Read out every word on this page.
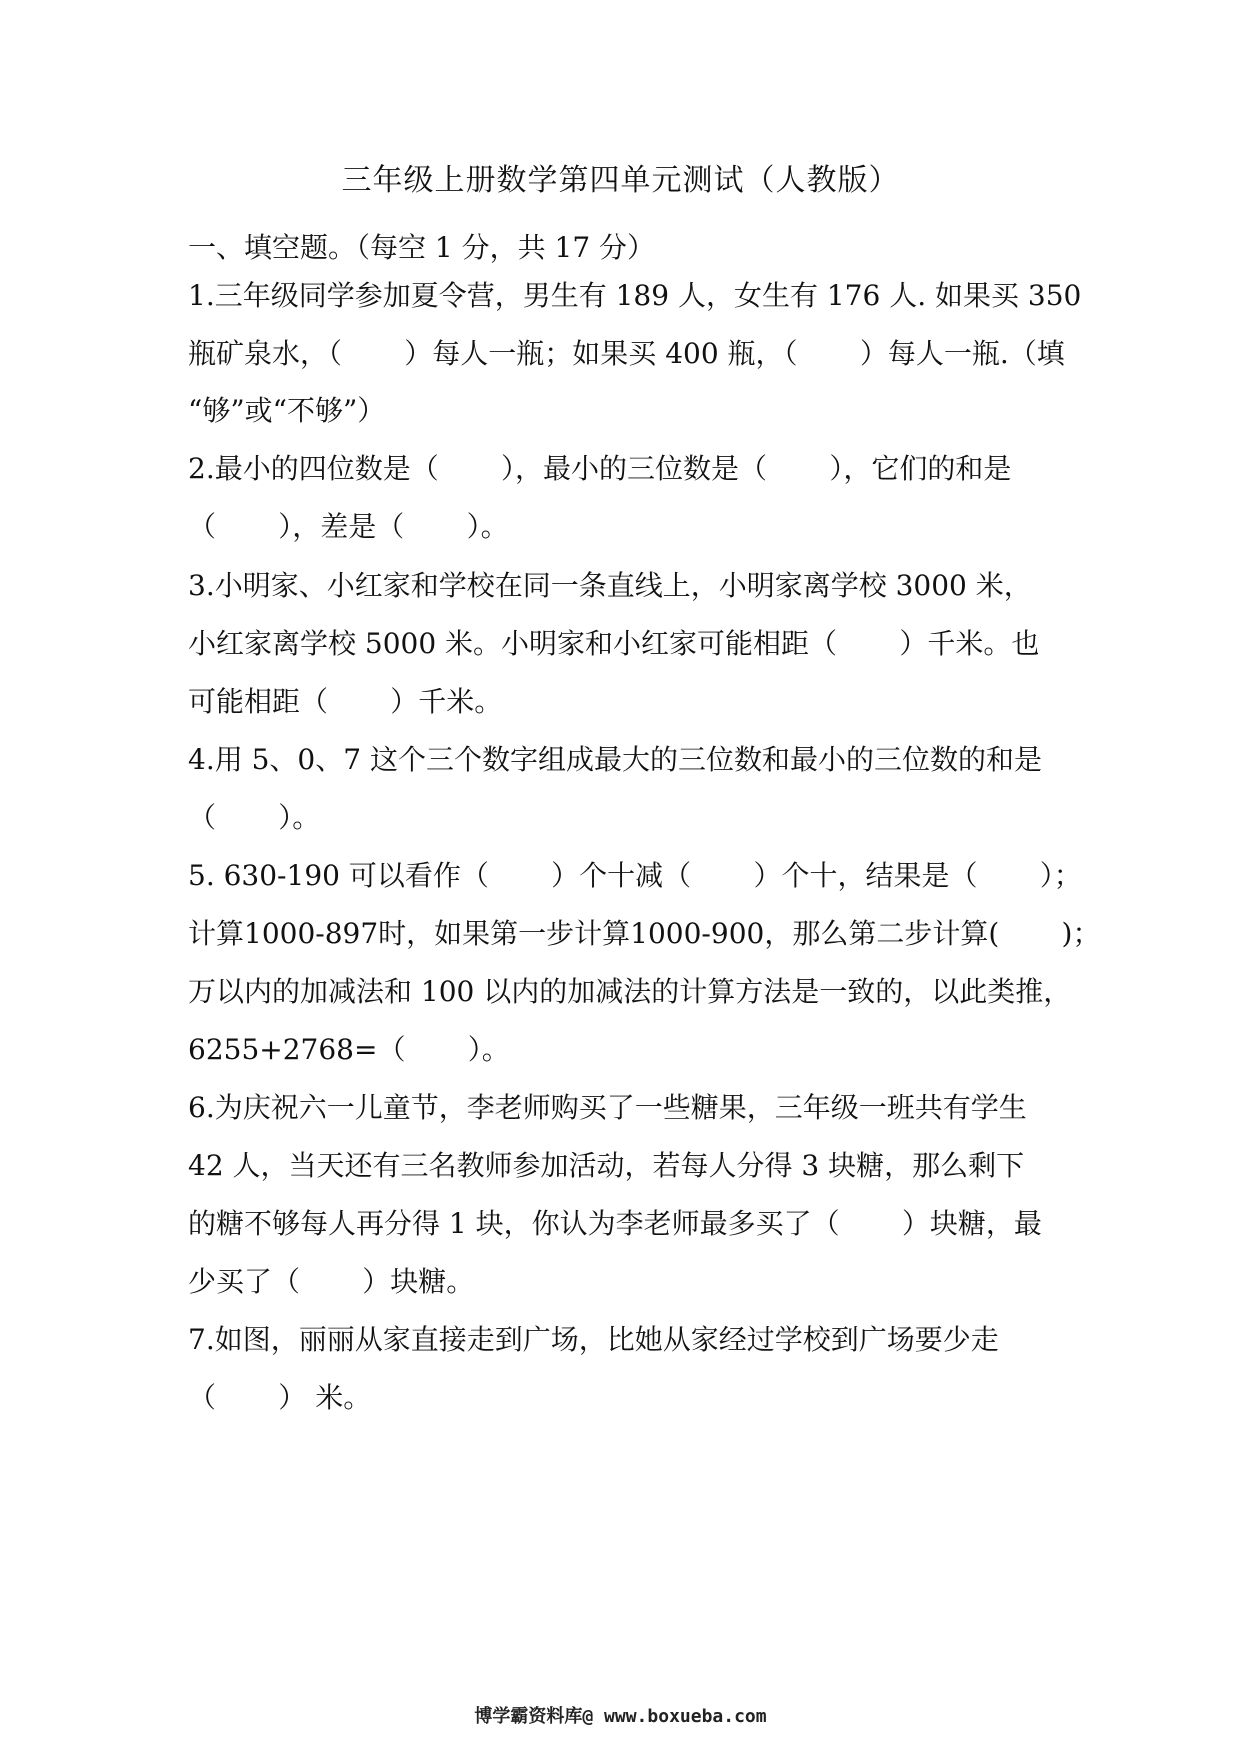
三年级上册数学第四单元测试（人教版）
一、填空题。（每空 1 分，共 17 分）
1.三年级同学参加夏令营，男生有 189 人，女生有 176 人. 如果买 350
瓶矿泉水，（       ）每人一瓶；如果买 400 瓶，（       ）每人一瓶.（填
“够”或“不够”）
2.最小的四位数是（       ），最小的三位数是（       ），它们的和是
（       ），差是（       ）。
3.小明家、小红家和学校在同一条直线上，小明家离学校 3000 米，
小红家离学校 5000 米。小明家和小红家可能相距（       ）千米。也
可能相距（       ）千米。
4.用 5、0、7 这个三个数字组成最大的三位数和最小的三位数的和是
（       ）。
5. 630-190 可以看作（       ）个十减（       ）个十，结果是（       ）；
计算1000-897时，如果第一步计算1000-900，那么第二步计算(       )；
万以内的加减法和 100 以内的加减法的计算方法是一致的，以此类推，
6255+2768=（       ）。
6.为庆祝六一儿童节，李老师购买了一些糖果，三年级一班共有学生
42 人，当天还有三名教师参加活动，若每人分得 3 块糖，那么剩下
的糖不够每人再分得 1 块，你认为李老师最多买了（       ）块糖，最
少买了（       ）块糖。
7.如图，丽丽从家直接走到广场，比她从家经过学校到广场要少走
（       ） 米。
博学霸资料库@ www.boxueba.com
